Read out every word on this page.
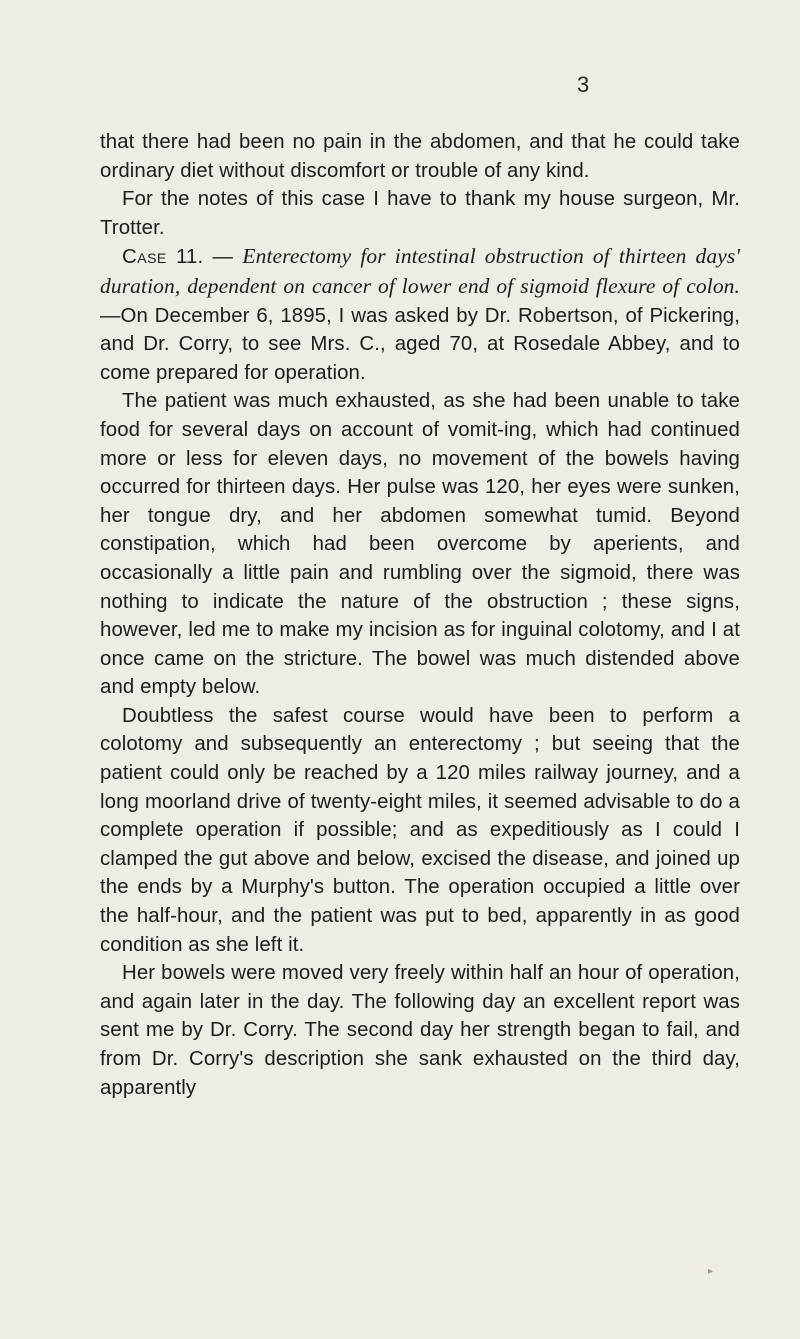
3

that there had been no pain in the abdomen, and that he could take ordinary diet without discomfort or trouble of any kind.

For the notes of this case I have to thank my house surgeon, Mr. Trotter.

Case 11. — Enterectomy for intestinal obstruction of thirteen days' duration, dependent on cancer of lower end of sigmoid flexure of colon.—On December 6, 1895, I was asked by Dr. Robertson, of Pickering, and Dr. Corry, to see Mrs. C., aged 70, at Rosedale Abbey, and to come prepared for operation.

The patient was much exhausted, as she had been unable to take food for several days on account of vomit-ing, which had continued more or less for eleven days, no movement of the bowels having occurred for thirteen days. Her pulse was 120, her eyes were sunken, her tongue dry, and her abdomen somewhat tumid. Beyond constipation, which had been overcome by aperients, and occasionally a little pain and rumbling over the sigmoid, there was nothing to indicate the nature of the obstruction ; these signs, however, led me to make my incision as for inguinal colotomy, and I at once came on the stricture. The bowel was much distended above and empty below.

Doubtless the safest course would have been to perform a colotomy and subsequently an enterectomy ; but seeing that the patient could only be reached by a 120 miles railway journey, and a long moorland drive of twenty-eight miles, it seemed advisable to do a complete operation if possible; and as expeditiously as I could I clamped the gut above and below, excised the disease, and joined up the ends by a Murphy's button. The operation occupied a little over the half-hour, and the patient was put to bed, apparently in as good condition as she left it.

Her bowels were moved very freely within half an hour of operation, and again later in the day. The following day an excellent report was sent me by Dr. Corry. The second day her strength began to fail, and from Dr. Corry's description she sank exhausted on the third day, apparently

▸
